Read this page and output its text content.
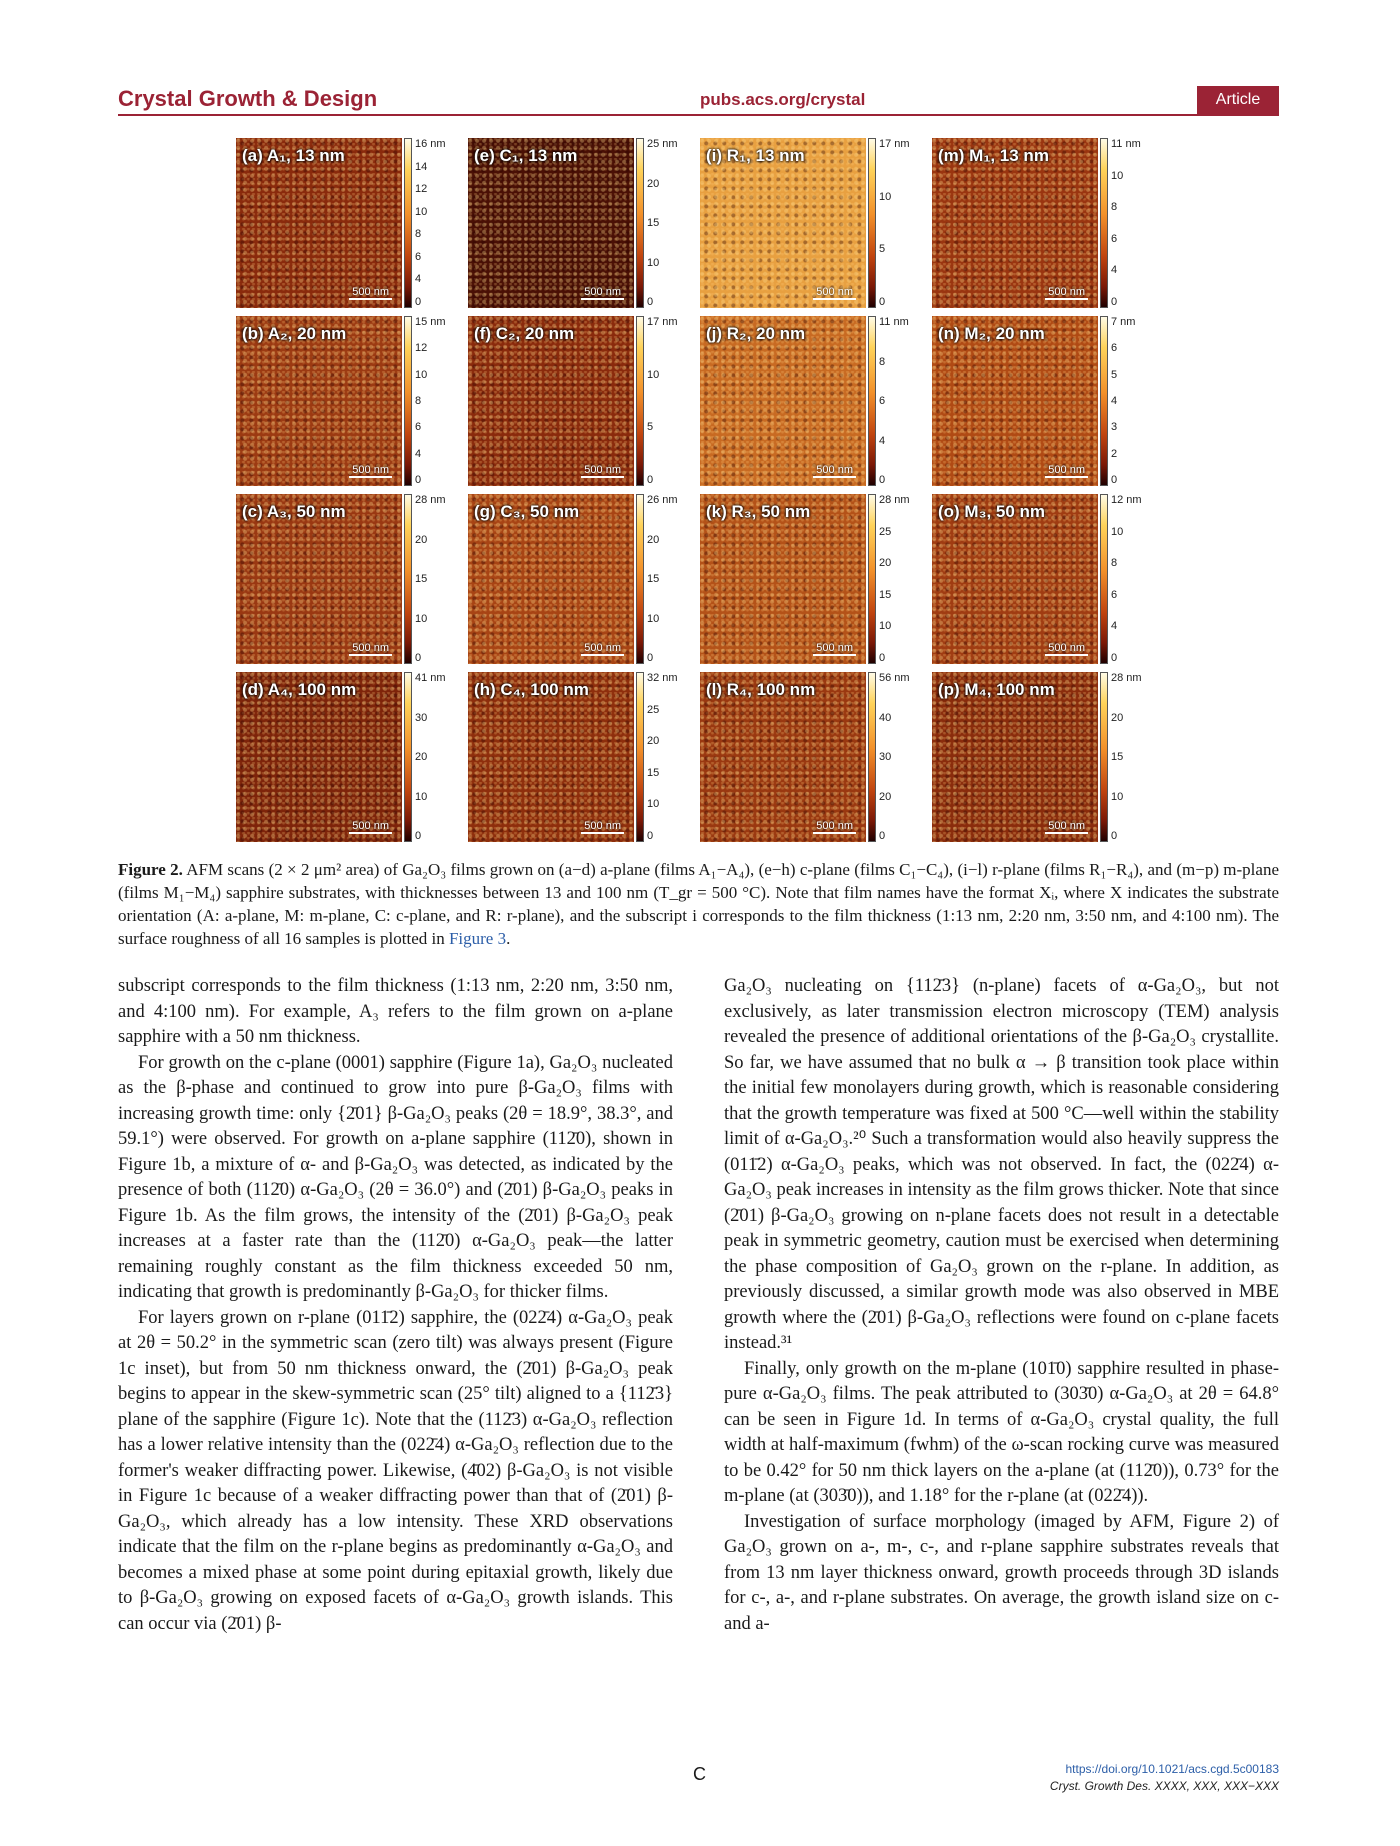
Crystal Growth & Design	pubs.acs.org/crystal	Article
(a) A₁, 13 nm
500 nm
16 nm
14
12
10
8
6
4
0
(e) C₁, 13 nm
500 nm
25 nm
20
15
10
0
(i) R₁, 13 nm
500 nm
17 nm
10
5
0
(m) M₁, 13 nm
500 nm
11 nm
10
8
6
4
0
(b) A₂, 20 nm
500 nm
15 nm
12
10
8
6
4
0
(f) C₂, 20 nm
500 nm
17 nm
10
5
0
(j) R₂, 20 nm
500 nm
11 nm
8
6
4
0
(n) M₂, 20 nm
500 nm
7 nm
6
5
4
3
2
0
(c) A₃, 50 nm
500 nm
28 nm
20
15
10
0
(g) C₃, 50 nm
500 nm
26 nm
20
15
10
0
(k) R₃, 50 nm
500 nm
28 nm
25
20
15
10
0
(o) M₃, 50 nm
500 nm
12 nm
10
8
6
4
0
(d) A₄, 100 nm
500 nm
41 nm
30
20
10
0
(h) C₄, 100 nm
500 nm
32 nm
25
20
15
10
0
(l) R₄, 100 nm
500 nm
56 nm
40
30
20
0
(p) M₄, 100 nm
500 nm
28 nm
20
15
10
0
Figure 2. AFM scans (2 × 2 μm² area) of Ga₂O₃ films grown on (a−d) a-plane (films A₁−A₄), (e−h) c-plane (films C₁−C₄), (i−l) r-plane (films R₁−R₄), and (m−p) m-plane (films M₁−M₄) sapphire substrates, with thicknesses between 13 and 100 nm (T_gr = 500 °C). Note that film names have the format Xᵢ, where X indicates the substrate orientation (A: a-plane, M: m-plane, C: c-plane, and R: r-plane), and the subscript i corresponds to the film thickness (1:13 nm, 2:20 nm, 3:50 nm, and 4:100 nm). The surface roughness of all 16 samples is plotted in Figure 3.

subscript corresponds to the film thickness (1:13 nm, 2:20 nm, 3:50 nm, and 4:100 nm). For example, A₃ refers to the film grown on a-plane sapphire with a 50 nm thickness.

For growth on the c-plane (0001) sapphire (Figure 1a), Ga₂O₃ nucleated as the β-phase and continued to grow into pure β-Ga₂O₃ films with increasing growth time: only {2̄01} β-Ga₂O₃ peaks (2θ = 18.9°, 38.3°, and 59.1°) were observed. For growth on a-plane sapphire (112̄0), shown in Figure 1b, a mixture of α- and β-Ga₂O₃ was detected, as indicated by the presence of both (112̄0) α-Ga₂O₃ (2θ = 36.0°) and (2̄01) β-Ga₂O₃ peaks in Figure 1b. As the film grows, the intensity of the (2̄01) β-Ga₂O₃ peak increases at a faster rate than the (112̄0) α-Ga₂O₃ peak—the latter remaining roughly constant as the film thickness exceeded 50 nm, indicating that growth is predominantly β-Ga₂O₃ for thicker films.

For layers grown on r-plane (011̄2) sapphire, the (022̄4) α-Ga₂O₃ peak at 2θ = 50.2° in the symmetric scan (zero tilt) was always present (Figure 1c inset), but from 50 nm thickness onward, the (2̄01) β-Ga₂O₃ peak begins to appear in the skew-symmetric scan (25° tilt) aligned to a {112̄3} plane of the sapphire (Figure 1c). Note that the (112̄3) α-Ga₂O₃ reflection has a lower relative intensity than the (022̄4) α-Ga₂O₃ reflection due to the former's weaker diffracting power. Likewise, (4̄02) β-Ga₂O₃ is not visible in Figure 1c because of a weaker diffracting power than that of (2̄01) β-Ga₂O₃, which already has a low intensity. These XRD observations indicate that the film on the r-plane begins as predominantly α-Ga₂O₃ and becomes a mixed phase at some point during epitaxial growth, likely due to β-Ga₂O₃ growing on exposed facets of α-Ga₂O₃ growth islands. This can occur via (2̄01) β-

Ga₂O₃ nucleating on {112̄3} (n-plane) facets of α-Ga₂O₃, but not exclusively, as later transmission electron microscopy (TEM) analysis revealed the presence of additional orientations of the β-Ga₂O₃ crystallite. So far, we have assumed that no bulk α → β transition took place within the initial few monolayers during growth, which is reasonable considering that the growth temperature was fixed at 500 °C—well within the stability limit of α-Ga₂O₃.²⁰ Such a transformation would also heavily suppress the (011̄2) α-Ga₂O₃ peaks, which was not observed. In fact, the (022̄4) α-Ga₂O₃ peak increases in intensity as the film grows thicker. Note that since (2̄01) β-Ga₂O₃ growing on n-plane facets does not result in a detectable peak in symmetric geometry, caution must be exercised when determining the phase composition of Ga₂O₃ grown on the r-plane. In addition, as previously discussed, a similar growth mode was also observed in MBE growth where the (2̄01) β-Ga₂O₃ reflections were found on c-plane facets instead.³¹

Finally, only growth on the m-plane (101̄0) sapphire resulted in phase-pure α-Ga₂O₃ films. The peak attributed to (303̄0) α-Ga₂O₃ at 2θ = 64.8° can be seen in Figure 1d. In terms of α-Ga₂O₃ crystal quality, the full width at half-maximum (fwhm) of the ω-scan rocking curve was measured to be 0.42° for 50 nm thick layers on the a-plane (at (112̄0)), 0.73° for the m-plane (at (303̄0)), and 1.18° for the r-plane (at (022̄4)).

Investigation of surface morphology (imaged by AFM, Figure 2) of Ga₂O₃ grown on a-, m-, c-, and r-plane sapphire substrates reveals that from 13 nm layer thickness onward, growth proceeds through 3D islands for c-, a-, and r-plane substrates. On average, the growth island size on c- and a-

C	https://doi.org/10.1021/acs.cgd.5c00183
Cryst. Growth Des. XXXX, XXX, XXX−XXX
